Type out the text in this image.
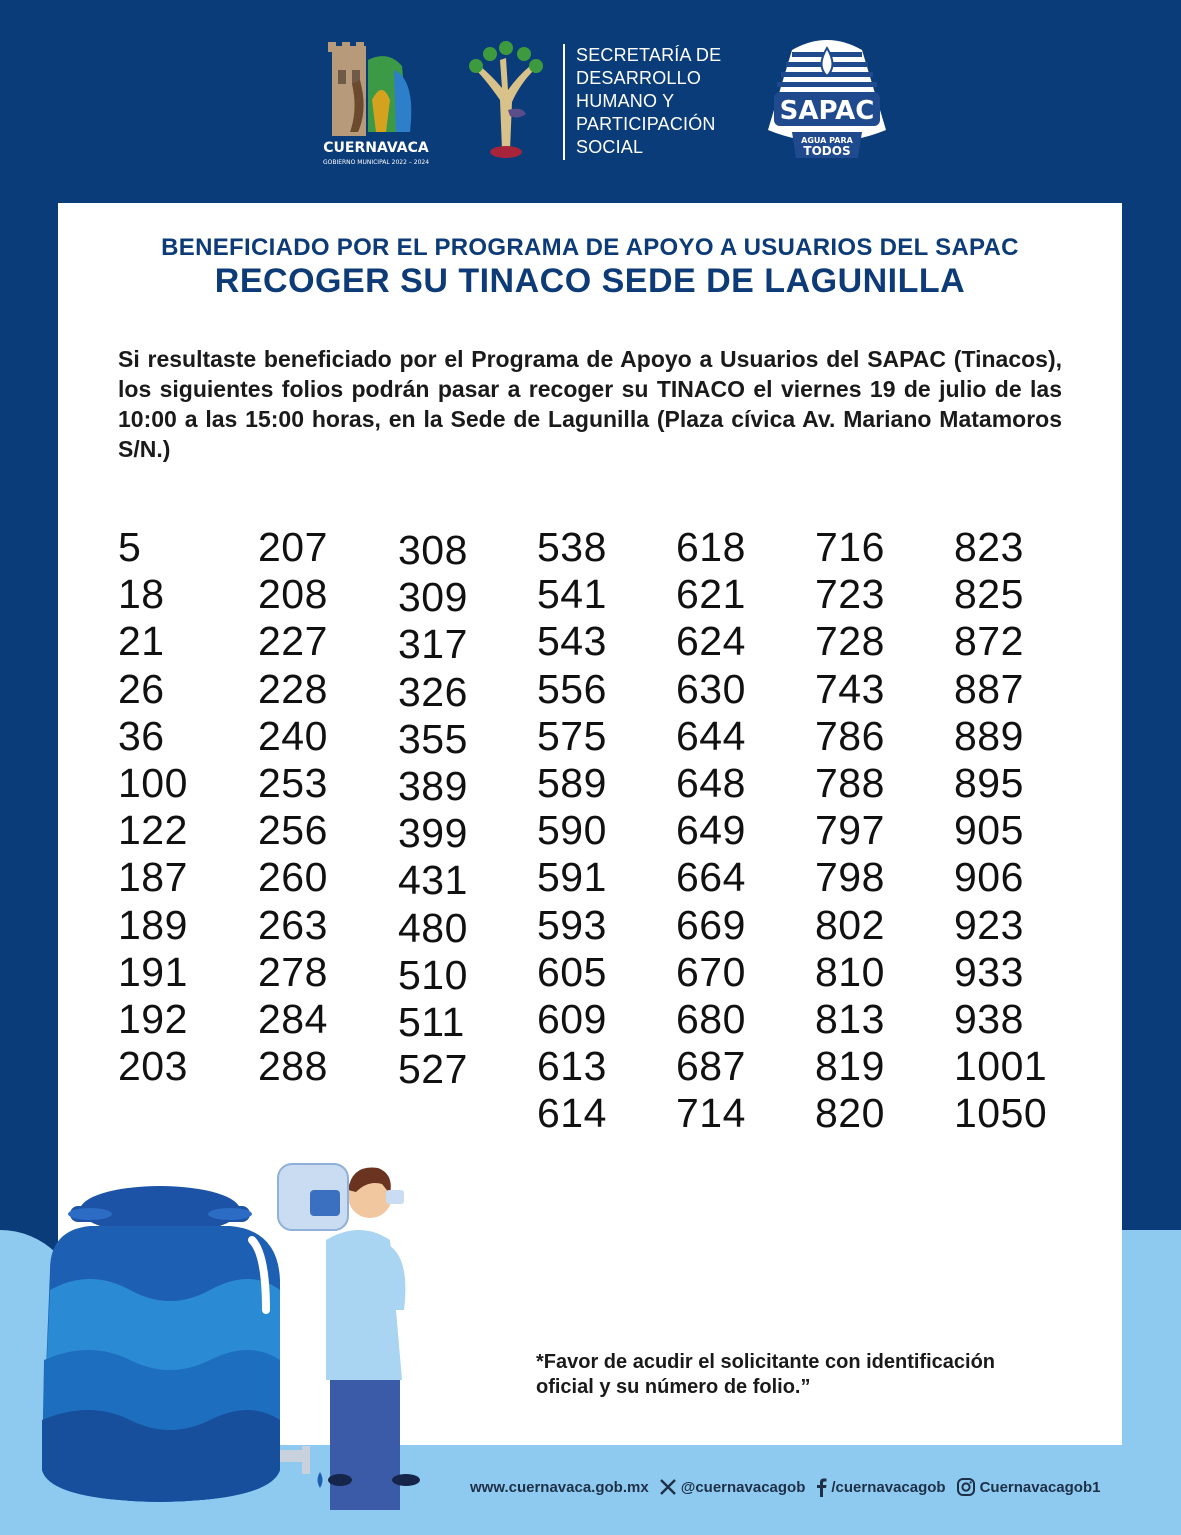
CUERNAVACA
GOBIERNO MUNICIPAL 2022 – 2024
SECRETARÍA DE
DESARROLLO
HUMANO Y
PARTICIPACIÓN
SOCIAL
SAPAC
AGUA PARA
TODOS
BENEFICIADO POR EL PROGRAMA DE APOYO A USUARIOS DEL SAPAC
RECOGER SU TINACO SEDE DE LAGUNILLA

Si resultaste beneficiado por el Programa de Apoyo a Usuarios del SAPAC (Tinacos), los siguientes folios podrán pasar a recoger su TINACO el viernes 19 de julio de las 10:00 a las 15:00 horas, en la Sede de Lagunilla (Plaza cívica Av. Mariano Matamoros S/N.)

5
18
21
26
36
100
122
187
189
191
192
203
207
208
227
228
240
253
256
260
263
278
284
288
308
309
317
326
355
389
399
431
480
510
511
527
538
541
543
556
575
589
590
591
593
605
609
613
614
618
621
624
630
644
648
649
664
669
670
680
687
714
716
723
728
743
786
788
797
798
802
810
813
819
820
823
825
872
887
889
895
905
906
923
933
938
1001
1050

*Favor de acudir el solicitante con identificación oficial y su número de folio.”

www.cuernavaca.gob.mx @cuernavacagob /cuernavacagob Cuernavacagob1
